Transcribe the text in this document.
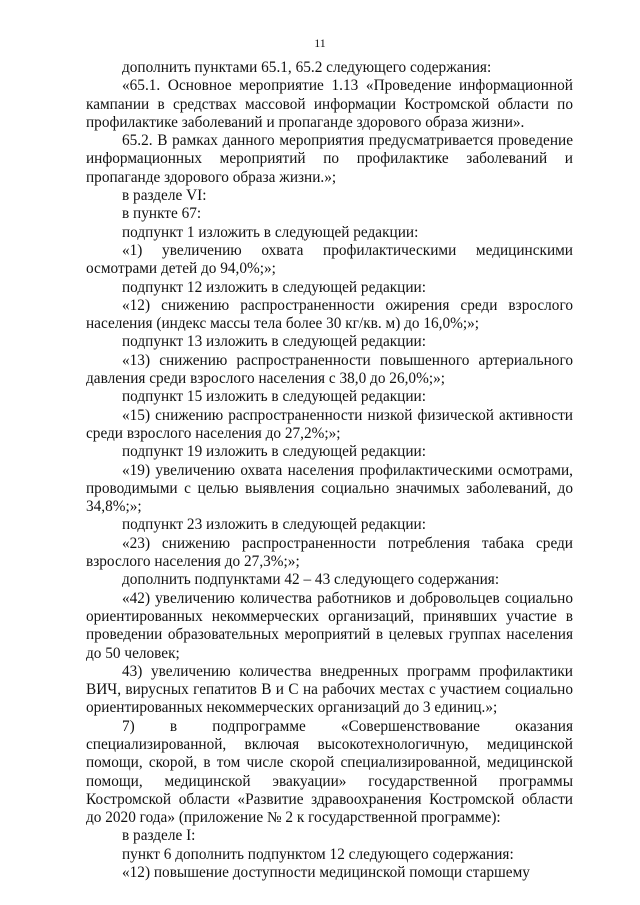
11

дополнить пунктами 65.1, 65.2 следующего содержания:

«65.1. Основное мероприятие 1.13 «Проведение информационной кампании в средствах массовой информации Костромской области по профилактике заболеваний и пропаганде здорового образа жизни».

65.2. В рамках данного мероприятия предусматривается проведение информационных мероприятий по профилактике заболеваний и пропаганде здорового образа жизни.»;

в разделе VI:

в пункте 67:

подпункт 1 изложить в следующей редакции:

«1) увеличению охвата профилактическими медицинскими осмотрами детей до 94,0%;»;

подпункт 12 изложить в следующей редакции:

«12) снижению распространенности ожирения среди взрослого населения (индекс массы тела более 30 кг/кв. м) до 16,0%;»;

подпункт 13 изложить в следующей редакции:

«13) снижению распространенности повышенного артериального давления среди взрослого населения с 38,0 до 26,0%;»;

подпункт 15 изложить в следующей редакции:

«15) снижению распространенности низкой физической активности среди взрослого населения до 27,2%;»;

подпункт 19 изложить в следующей редакции:

«19) увеличению охвата населения профилактическими осмотрами, проводимыми с целью выявления социально значимых заболеваний, до 34,8%;»;

подпункт 23 изложить в следующей редакции:

«23) снижению распространенности потребления табака среди взрослого населения до 27,3%;»;

дополнить подпунктами 42 – 43 следующего содержания:

«42) увеличению количества работников и добровольцев социально ориентированных некоммерческих организаций, принявших участие в проведении образовательных мероприятий в целевых группах населения до 50 человек;

43) увеличению количества внедренных программ профилактики ВИЧ, вирусных гепатитов В и С на рабочих местах с участием социально ориентированных некоммерческих организаций до 3 единиц.»;

7) в подпрограмме «Совершенствование оказания специализированной, включая высокотехнологичную, медицинской помощи, скорой, в том числе скорой специализированной, медицинской помощи, медицинской эвакуации» государственной программы Костромской области «Развитие здравоохранения Костромской области до 2020 года» (приложение № 2 к государственной программе):

в разделе I:

пункт 6 дополнить подпунктом 12 следующего содержания:

«12) повышение доступности медицинской помощи старшему
